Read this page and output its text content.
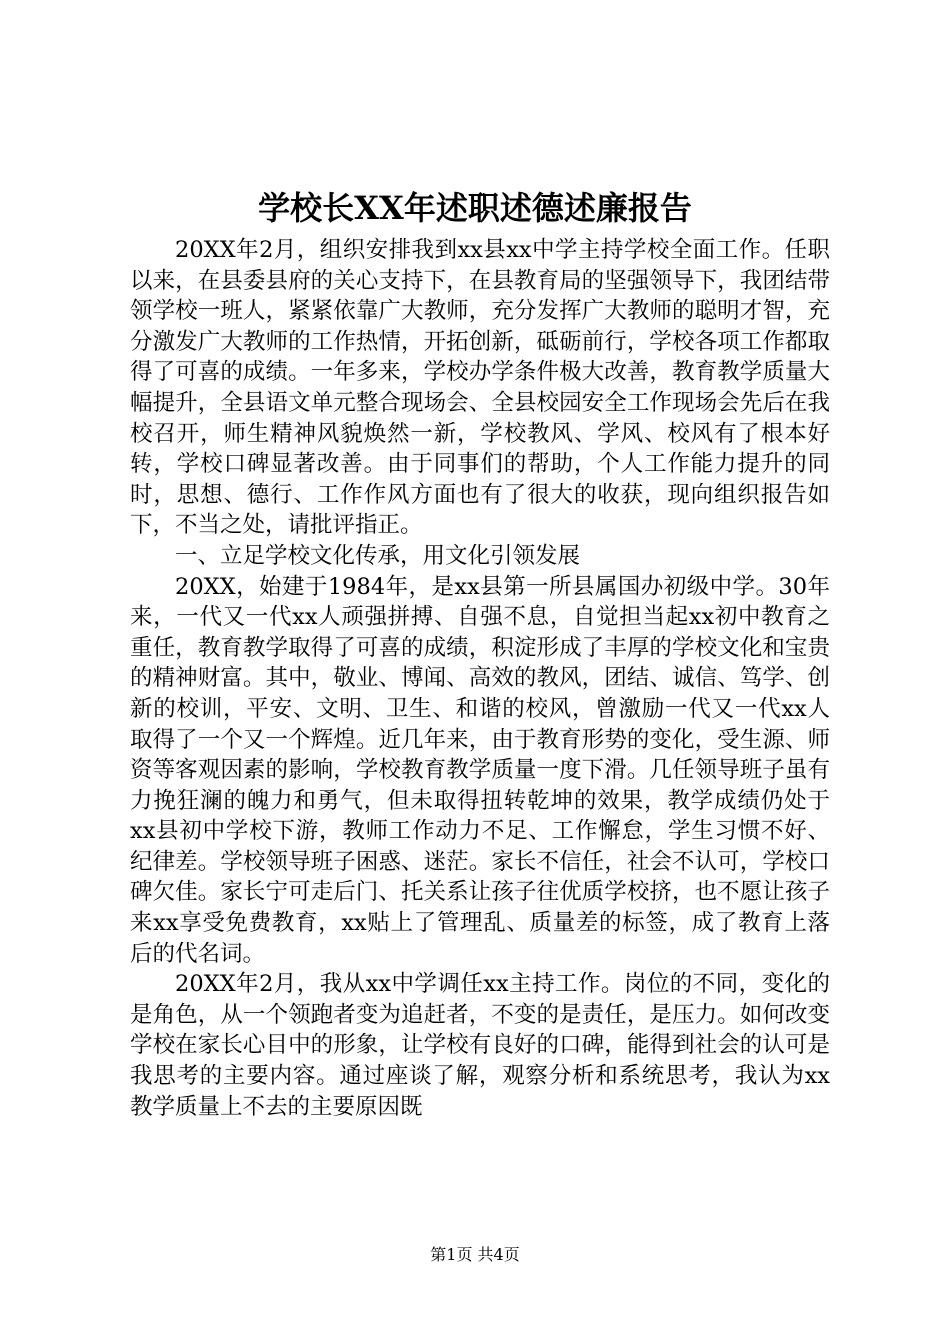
学校长XX年述职述德述廉报告

20XX年2月，组织安排我到xx县xx中学主持学校全面工作。任职以来，在县委县府的关心支持下，在县教育局的坚强领导下，我团结带领学校一班人，紧紧依靠广大教师，充分发挥广大教师的聪明才智，充分激发广大教师的工作热情，开拓创新，砥砺前行，学校各项工作都取得了可喜的成绩。一年多来，学校办学条件极大改善，教育教学质量大幅提升，全县语文单元整合现场会、全县校园安全工作现场会先后在我校召开，师生精神风貌焕然一新，学校教风、学风、校风有了根本好转，学校口碑显著改善。由于同事们的帮助，个人工作能力提升的同时，思想、德行、工作作风方面也有了很大的收获，现向组织报告如下，不当之处，请批评指正。

一、立足学校文化传承，用文化引领发展

20XX，始建于1984年，是xx县第一所县属国办初级中学。30年来，一代又一代xx人顽强拼搏、自强不息，自觉担当起xx初中教育之重任，教育教学取得了可喜的成绩，积淀形成了丰厚的学校文化和宝贵的精神财富。其中，敬业、博闻、高效的教风，团结、诚信、笃学、创新的校训，平安、文明、卫生、和谐的校风，曾激励一代又一代xx人取得了一个又一个辉煌。近几年来，由于教育形势的变化，受生源、师资等客观因素的影响，学校教育教学质量一度下滑。几任领导班子虽有力挽狂澜的魄力和勇气，但未取得扭转乾坤的效果，教学成绩仍处于xx县初中学校下游，教师工作动力不足、工作懈怠，学生习惯不好、纪律差。学校领导班子困惑、迷茫。家长不信任，社会不认可，学校口碑欠佳。家长宁可走后门、托关系让孩子往优质学校挤，也不愿让孩子来xx享受免费教育，xx贴上了管理乱、质量差的标签，成了教育上落后的代名词。

20XX年2月，我从xx中学调任xx主持工作。岗位的不同，变化的是角色，从一个领跑者变为追赶者，不变的是责任，是压力。如何改变学校在家长心目中的形象，让学校有良好的口碑，能得到社会的认可是我思考的主要内容。通过座谈了解，观察分析和系统思考，我认为xx教学质量上不去的主要原因既

第1页 共4页
